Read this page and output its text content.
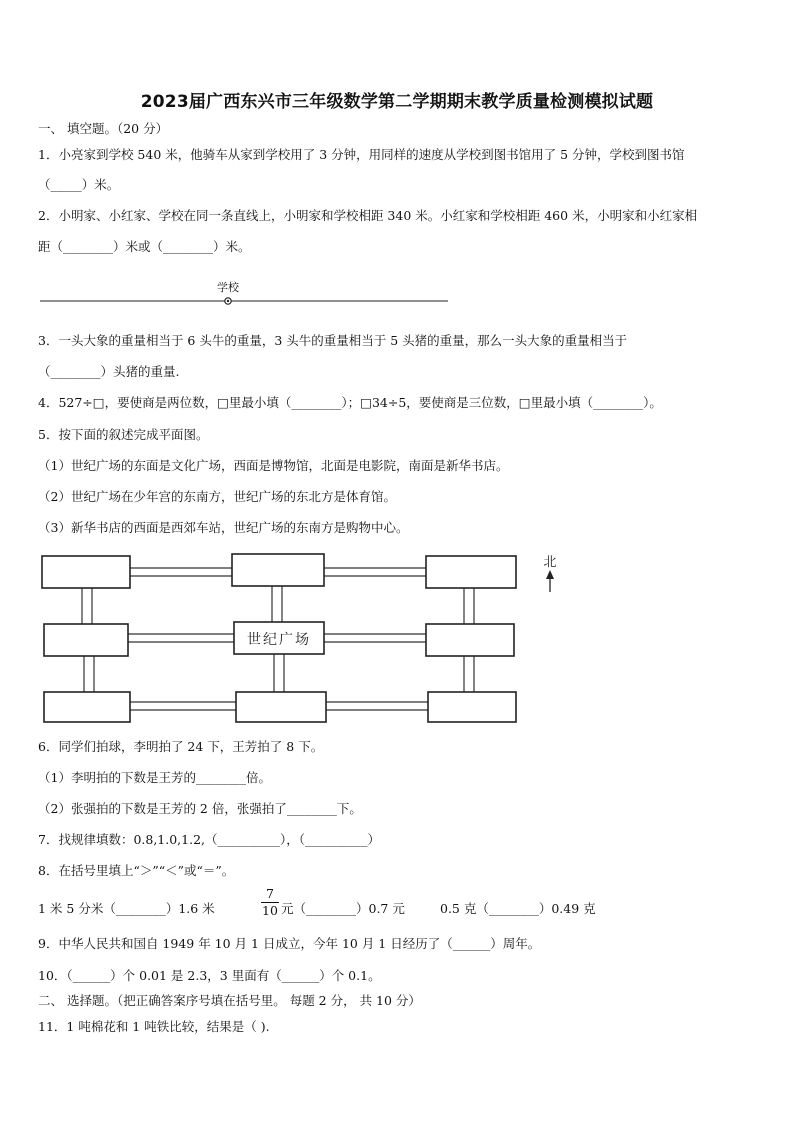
2023届广西东兴市三年级数学第二学期期末教学质量检测模拟试题
一、 填空题。（20 分）
1．小亮家到学校 540 米，他骑车从家到学校用了 3 分钟，用同样的速度从学校到图书馆用了 5 分钟，学校到图书馆
（_____）米。
2．小明家、小红家、学校在同一条直线上，小明家和学校相距 340 米。小红家和学校相距 460 米，小明家和小红家相
距（________）米或（________）米。
学校
3．一头大象的重量相当于 6 头牛的重量，3 头牛的重量相当于 5 头猪的重量，那么一头大象的重量相当于
（________）头猪的重量.
4．527÷□，要使商是两位数，□里最小填（________）；□34÷5，要使商是三位数，□里最小填（________）。
5．按下面的叙述完成平面图。
（1）世纪广场的东面是文化广场，西面是博物馆，北面是电影院，南面是新华书店。
（2）世纪广场在少年宫的东南方，世纪广场的东北方是体育馆。
（3）新华书店的西面是西郊车站，世纪广场的东南方是购物中心。
世纪广场
北
6．同学们拍球，李明拍了 24 下，王芳拍了 8 下。
（1）李明拍的下数是王芳的________倍。
（2）张强拍的下数是王芳的 2 倍，张强拍了________下。
7．找规律填数：0.8,1.0,1.2,（__________），（__________）
8．在括号里填上“＞”“＜”或“＝”。
1 米 5 分米（________）1.6 米	$\frac{7}{10}$ 元（________）0.7 元	0.5 克（________）0.49 克
9．中华人民共和国自 1949 年 10 月 1 日成立，今年 10 月 1 日经历了（______）周年。
10．（______）个 0.01 是 2.3，3 里面有（______）个 0.1。
二、 选择题。（把正确答案序号填在括号里。 每题 2 分， 共 10 分）
11．1 吨棉花和 1 吨铁比较，结果是（ ).
